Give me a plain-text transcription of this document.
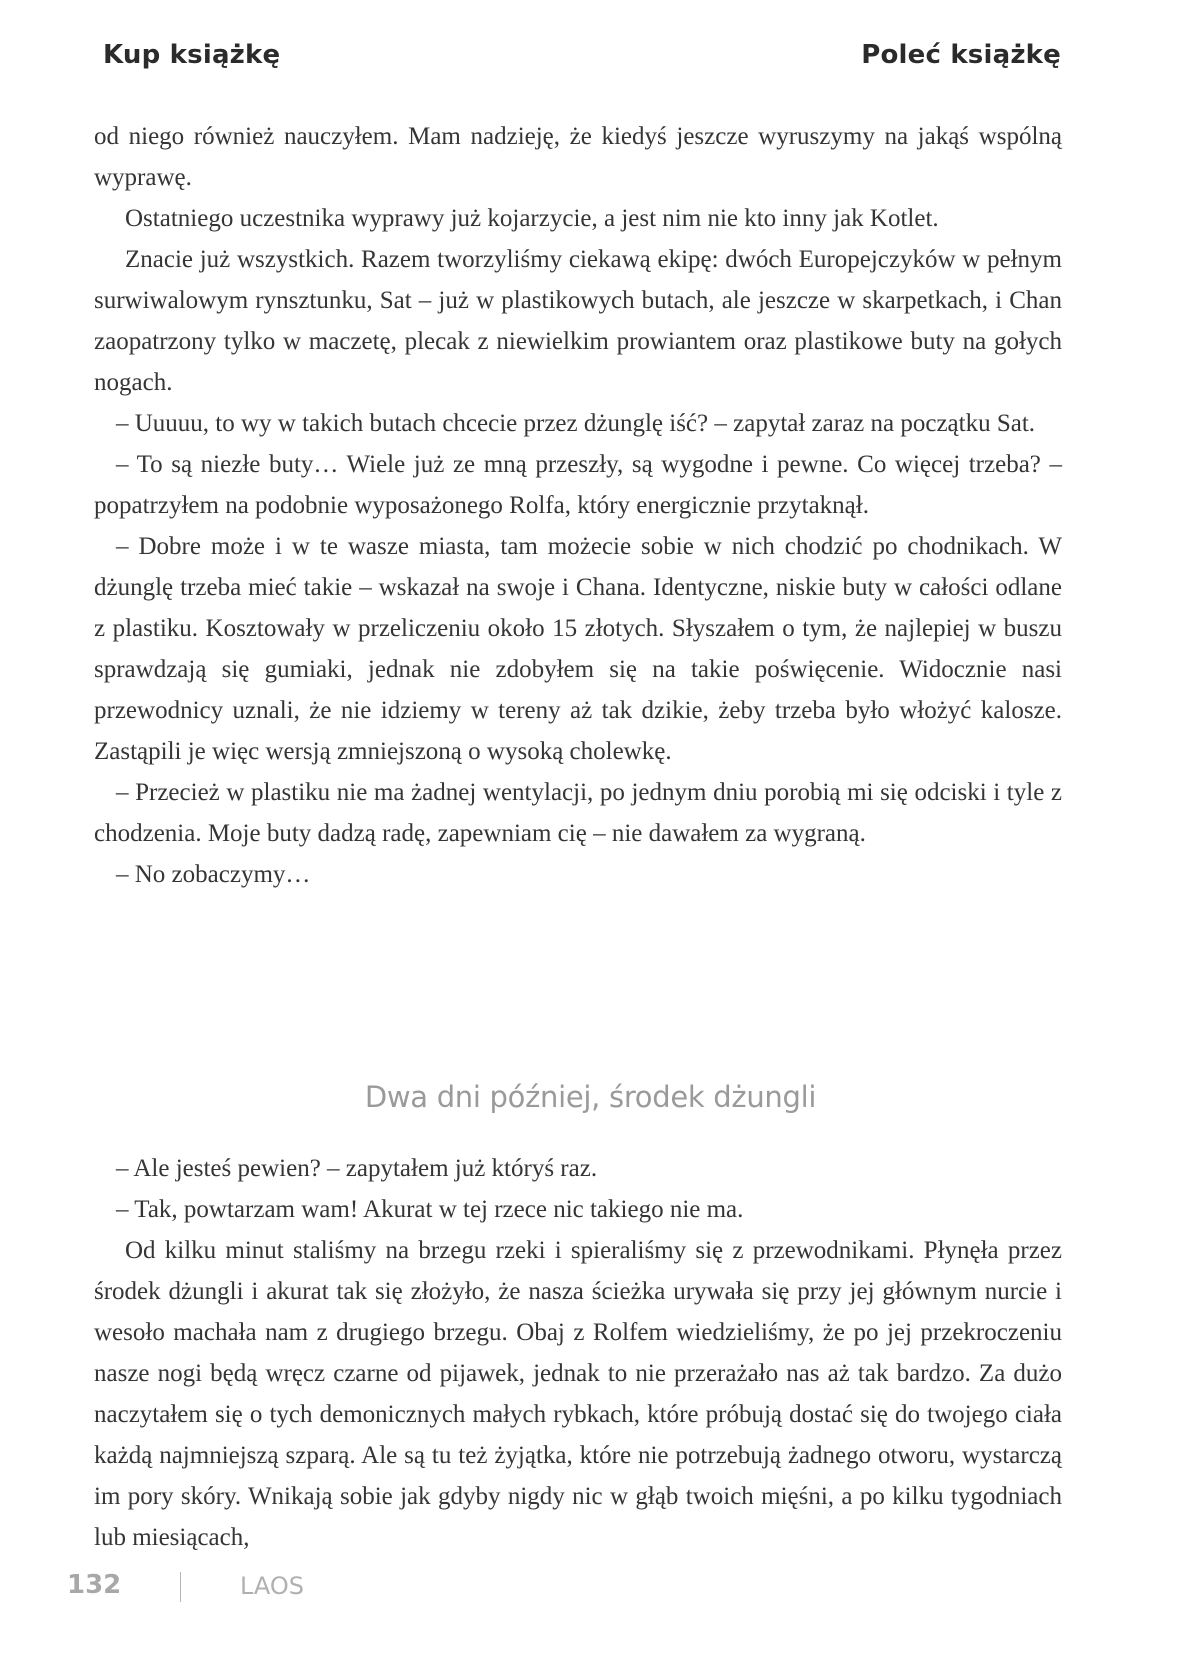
Kup książkę	Poleć książkę

od niego również nauczyłem. Mam nadzieję, że kiedyś jeszcze wyruszymy na jakąś wspólną wyprawę.

Ostatniego uczestnika wyprawy już kojarzycie, a jest nim nie kto inny jak Kotlet.

Znacie już wszystkich. Razem tworzyliśmy ciekawą ekipę: dwóch Europejczyków w pełnym surwiwalowym rynsztunku, Sat – już w plastikowych butach, ale jeszcze w skarpetkach, i Chan zaopatrzony tylko w maczetę, plecak z niewielkim prowiantem oraz plastikowe buty na gołych nogach.

– Uuuuu, to wy w takich butach chcecie przez dżunglę iść? – zapytał zaraz na początku Sat.

– To są niezłe buty… Wiele już ze mną przeszły, są wygodne i pewne. Co więcej trzeba? – popatrzyłem na podobnie wyposażonego Rolfa, który energicznie przytaknął.

– Dobre może i w te wasze miasta, tam możecie sobie w nich chodzić po chodnikach. W dżunglę trzeba mieć takie – wskazał na swoje i Chana. Identyczne, niskie buty w całości odlane z plastiku. Kosztowały w przeliczeniu około 15 złotych. Słyszałem o tym, że najlepiej w buszu sprawdzają się gumiaki, jednak nie zdobyłem się na takie poświęcenie. Widocznie nasi przewodnicy uznali, że nie idziemy w tereny aż tak dzikie, żeby trzeba było włożyć kalosze. Zastąpili je więc wersją zmniejszoną o wysoką cholewkę.

– Przecież w plastiku nie ma żadnej wentylacji, po jednym dniu porobią mi się odciski i tyle z chodzenia. Moje buty dadzą radę, zapewniam cię – nie dawałem za wygraną.

– No zobaczymy…

Dwa dni później, środek dżungli

– Ale jesteś pewien? – zapytałem już któryś raz.

– Tak, powtarzam wam! Akurat w tej rzece nic takiego nie ma.

Od kilku minut staliśmy na brzegu rzeki i spieraliśmy się z przewodnikami. Płynęła przez środek dżungli i akurat tak się złożyło, że nasza ścieżka urywała się przy jej głównym nurcie i wesoło machała nam z drugiego brzegu. Obaj z Rolfem wiedzieliśmy, że po jej przekroczeniu nasze nogi będą wręcz czarne od pijawek, jednak to nie przerażało nas aż tak bardzo. Za dużo naczytałem się o tych demonicznych małych rybkach, które próbują dostać się do twojego ciała każdą najmniejszą szparą. Ale są tu też żyjątka, które nie potrzebują żadnego otworu, wystarczą im pory skóry. Wnikają sobie jak gdyby nigdy nic w głąb twoich mięśni, a po kilku tygodniach lub miesiącach,

132	LAOS
